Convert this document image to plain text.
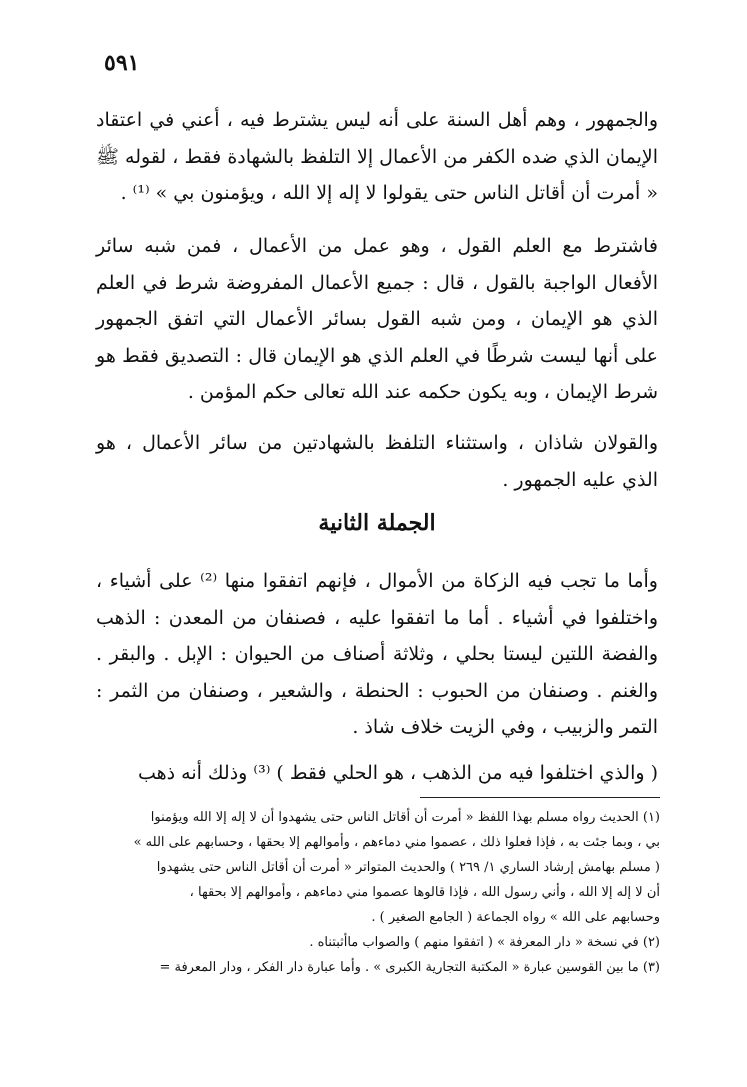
٥٩١
والجمهور ، وهم أهل السنة على أنه ليس يشترط فيه ، أعني في اعتقاد الإيمان الذي ضده الكفر من الأعمال إلا التلفظ بالشهادة فقط ، لقوله ﷺ « أمرت أن أقاتل الناس حتى يقولوا لا إله إلا الله ، ويؤمنون بي » ⁽¹⁾ .
فاشترط مع العلم القول ، وهو عمل من الأعمال ، فمن شبه سائر الأفعال الواجبة بالقول ، قال : جميع الأعمال المفروضة شرط في العلم الذي هو الإيمان ، ومن شبه القول بسائر الأعمال التي اتفق الجمهور على أنها ليست شرطًا في العلم الذي هو الإيمان قال : التصديق فقط هو شرط الإيمان ، وبه يكون حكمه عند الله تعالى حكم المؤمن .
والقولان شاذان ، واستثناء التلفظ بالشهادتين من سائر الأعمال ، هو الذي عليه الجمهور .
الجملة الثانية
وأما ما تجب فيه الزكاة من الأموال ، فإنهم اتفقوا منها ⁽²⁾ على أشياء ، واختلفوا في أشياء . أما ما اتفقوا عليه ، فصنفان من المعدن : الذهب والفضة اللتين ليستا بحلي ، وثلاثة أصناف من الحيوان : الإبل . والبقر . والغنم . وصنفان من الحبوب : الحنطة ، والشعير ، وصنفان من الثمر : التمر والزبيب ، وفي الزيت خلاف شاذ .
( والذي اختلفوا فيه من الذهب ، هو الحلي فقط ) ⁽³⁾ وذلك أنه ذهب
(١) الحديث رواه مسلم بهذا اللفظ « أمرت أن أقاتل الناس حتى يشهدوا أن لا إله إلا الله ويؤمنوا
بي ، وبما جئت به ، فإذا فعلوا ذلك ، عصموا مني دماءهم ، وأموالهم إلا بحقها ، وحسابهم على الله »
( مسلم بهامش إرشاد الساري ١/ ٢٦٩ ) والحديث المتواتر « أمرت أن أقاتل الناس حتى يشهدوا
أن لا إله إلا الله ، وأني رسول الله ، فإذا قالوها عصموا مني دماءهم ، وأموالهم إلا بحقها ،
وحسابهم على الله » رواه الجماعة ( الجامع الصغير ) .
(٢) في نسخة « دار المعرفة » ( اتفقوا منهم ) والصواب ماأثبتناه .
(٣) ما بين القوسين عبارة « المكتبة التجارية الكبرى » . وأما عبارة دار الفكر ، ودار المعرفة =
